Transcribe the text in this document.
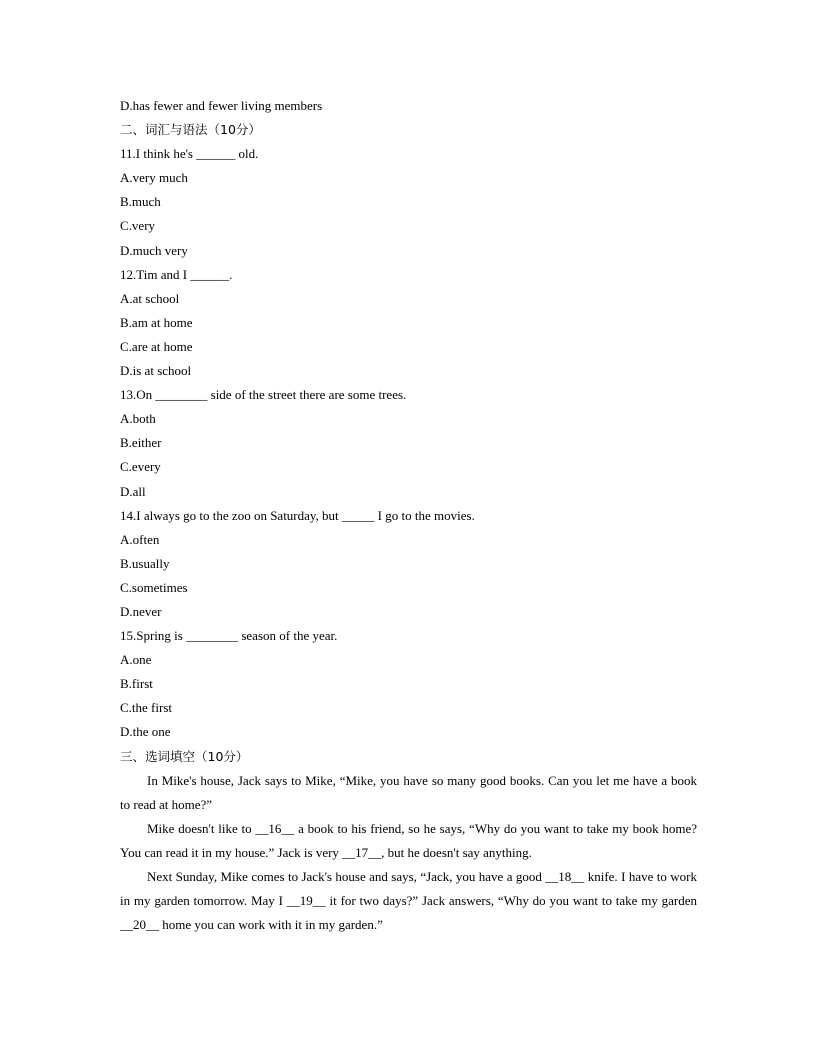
D.has fewer and fewer living members
二、词汇与语法（10分）
11.I think he's ______ old.
A.very much
B.much
C.very
D.much very
12.Tim and I ______.
A.at school
B.am at home
C.are at home
D.is at school
13.On ________ side of the street there are some trees.
A.both
B.either
C.every
D.all
14.I always go to the zoo on Saturday, but _____ I go to the movies.
A.often
B.usually
C.sometimes
D.never
15.Spring is ________ season of the year.
A.one
B.first
C.the first
D.the one
三、选词填空（10分）

In Mike's house, Jack says to Mike, “Mike, you have so many good books. Can you let me have a book to read at home?”

Mike doesn't like to __16__ a book to his friend, so he says, “Why do you want to take my book home? You can read it in my house.” Jack is very __17__, but he doesn't say anything.

Next Sunday, Mike comes to Jack's house and says, “Jack, you have a good __18__ knife. I have to work in my garden tomorrow. May I __19__ it for two days?” Jack answers, “Why do you want to take my garden __20__ home you can work with it in my garden.”
